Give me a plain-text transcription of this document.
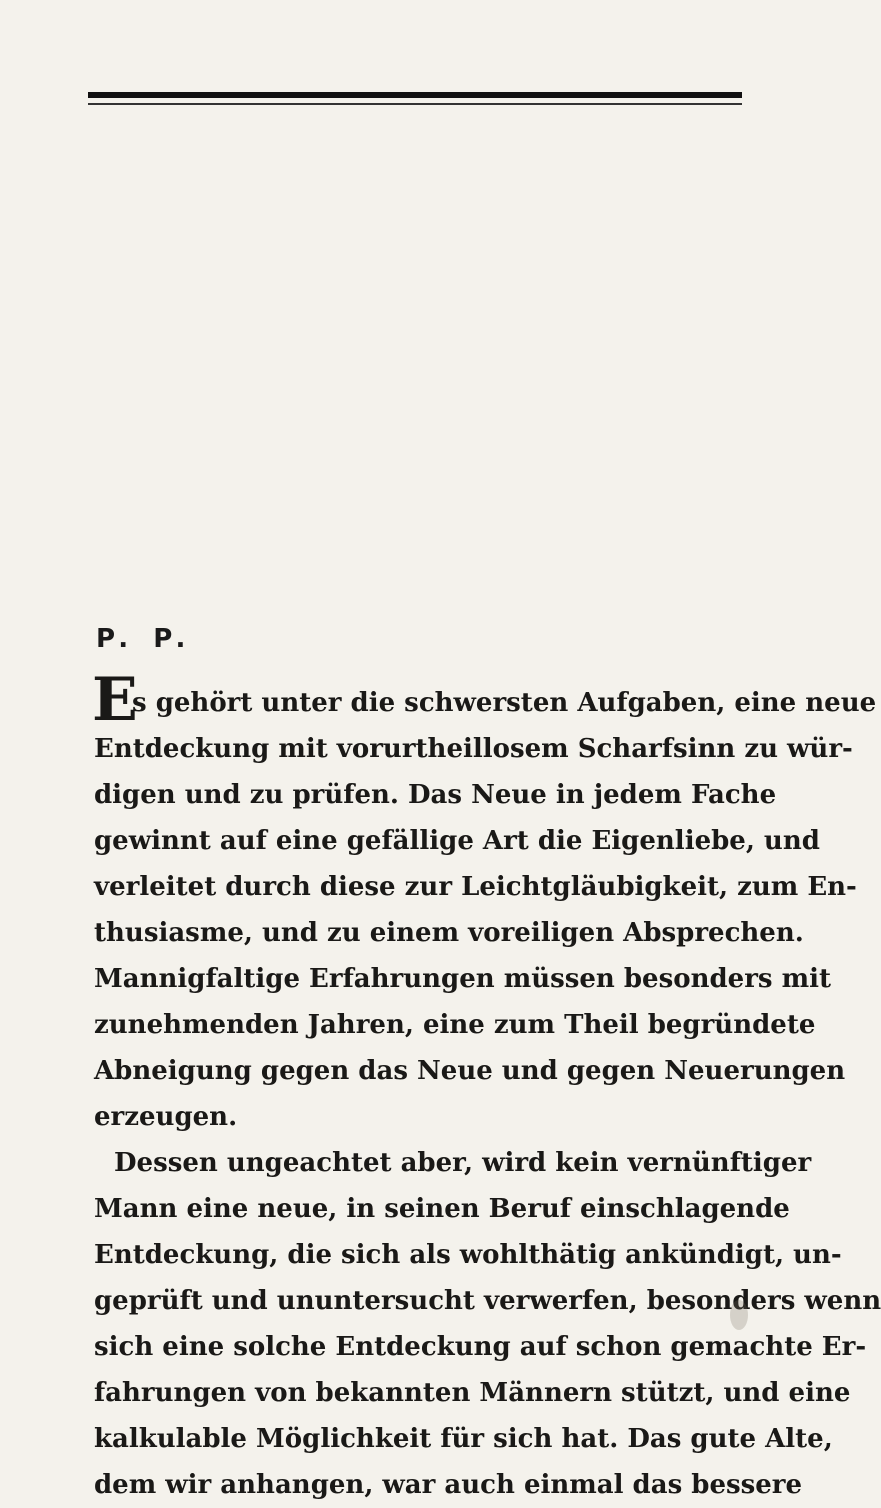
P. P.
E
s gehört unter die schwersten Aufgaben, eine neue
Entdeckung mit vorurtheillosem Scharfsinn zu wür-
digen und zu prüfen. Das Neue in jedem Fache
gewinnt auf eine gefällige Art die Eigenliebe, und
verleitet durch diese zur Leichtgläubigkeit, zum En-
thusiasme, und zu einem voreiligen Absprechen.
Mannigfaltige Erfahrungen müssen besonders mit
zunehmenden Jahren, eine zum Theil begründete
Abneigung gegen das Neue und gegen Neuerungen
erzeugen.
Dessen ungeachtet aber, wird kein vernünftiger
Mann eine neue, in seinen Beruf einschlagende
Entdeckung, die sich als wohlthätig ankündigt, un-
geprüft und ununtersucht verwerfen, besonders wenn
sich eine solche Entdeckung auf schon gemachte Er-
fahrungen von bekannten Männern stützt, und eine
kalkulable Möglichkeit für sich hat. Das gute Alte,
dem wir anhangen, war auch einmal das bessere
